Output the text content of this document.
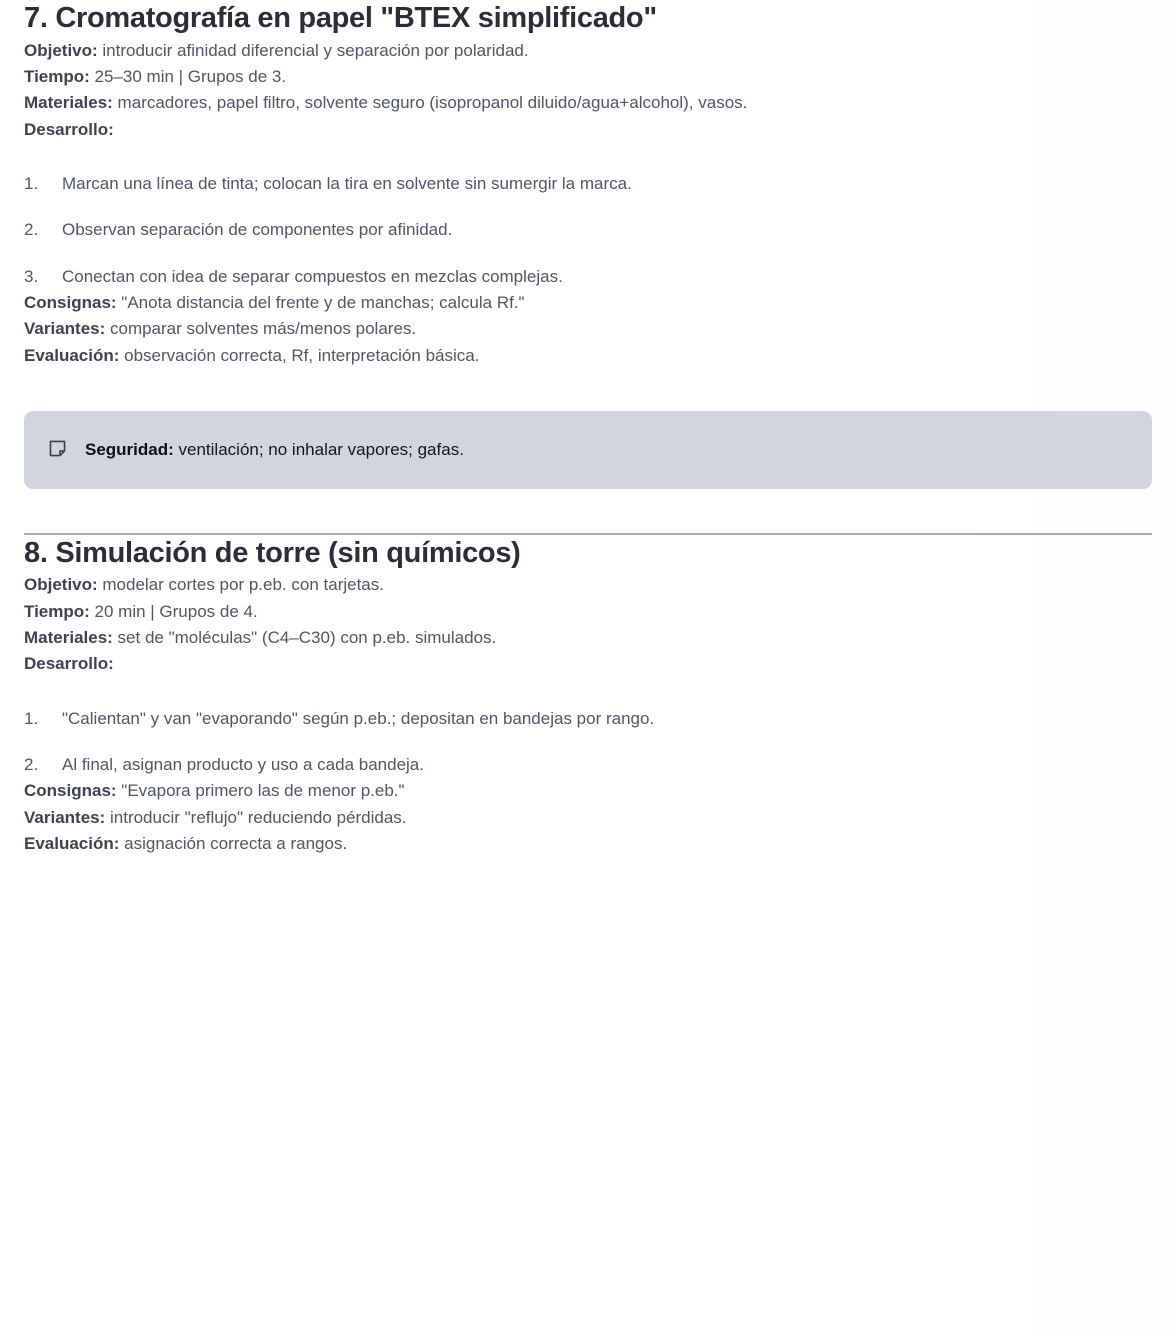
7. Cromatografía en papel "BTEX simplificado"

Objetivo: introducir afinidad diferencial y separación por polaridad.

Tiempo: 25–30 min | Grupos de 3.

Materiales: marcadores, papel filtro, solvente seguro (isopropanol diluido/agua+alcohol), vasos.

Desarrollo:

Marcan una línea de tinta; colocan la tira en solvente sin sumergir la marca.
Observan separación de componentes por afinidad.
Conectan con idea de separar compuestos en mezclas complejas.

Consignas: "Anota distancia del frente y de manchas; calcula Rf."

Variantes: comparar solventes más/menos polares.

Evaluación: observación correcta, Rf, interpretación básica.

Seguridad: ventilación; no inhalar vapores; gafas.
8. Simulación de torre (sin químicos)

Objetivo: modelar cortes por p.eb. con tarjetas.

Tiempo: 20 min | Grupos de 4.

Materiales: set de "moléculas" (C4–C30) con p.eb. simulados.

Desarrollo:

"Calientan" y van "evaporando" según p.eb.; depositan en bandejas por rango.
Al final, asignan producto y uso a cada bandeja.

Consignas: "Evapora primero las de menor p.eb."

Variantes: introducir "reflujo" reduciendo pérdidas.

Evaluación: asignación correcta a rangos.
